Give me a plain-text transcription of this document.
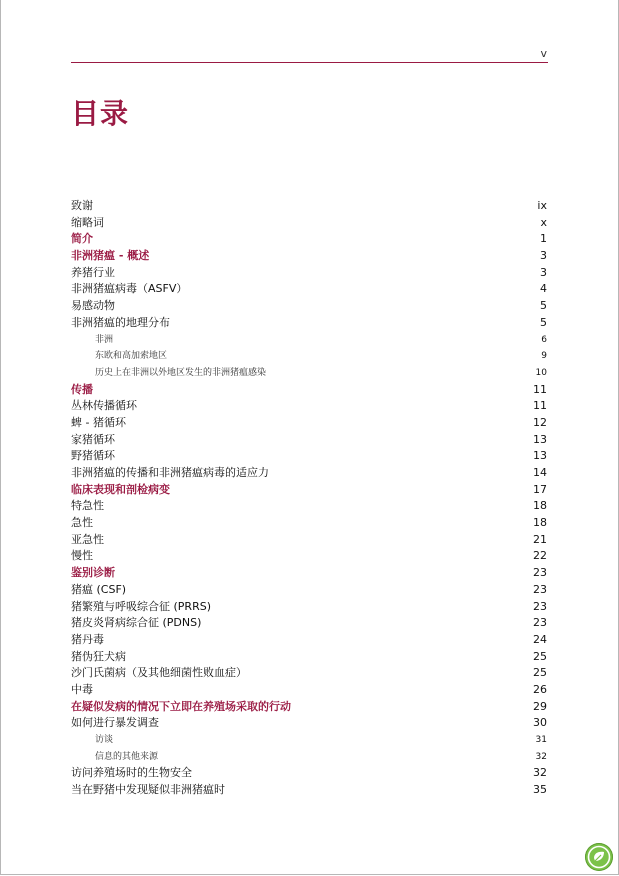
v
目录
致谢	ix
缩略词	x
简介	1
非洲猪瘟 - 概述	3
养猪行业	3
非洲猪瘟病毒（ASFV）	4
易感动物	5
非洲猪瘟的地理分布	5
非洲	6
东欧和高加索地区	9
历史上在非洲以外地区发生的非洲猪瘟感染	10
传播	11
丛林传播循环	11
蜱 - 猪循环	12
家猪循环	13
野猪循环	13
非洲猪瘟的传播和非洲猪瘟病毒的适应力	14
临床表现和剖检病变	17
特急性	18
急性	18
亚急性	21
慢性	22
鉴别诊断	23
猪瘟 (CSF)	23
猪繁殖与呼吸综合征 (PRRS)	23
猪皮炎肾病综合征 (PDNS)	23
猪丹毒	24
猪伪狂犬病	25
沙门氏菌病（及其他细菌性败血症）	25
中毒	26
在疑似发病的情况下立即在养殖场采取的行动	29
如何进行暴发调查	30
访谈	31
信息的其他来源	32
访问养殖场时的生物安全	32
当在野猪中发现疑似非洲猪瘟时	35
